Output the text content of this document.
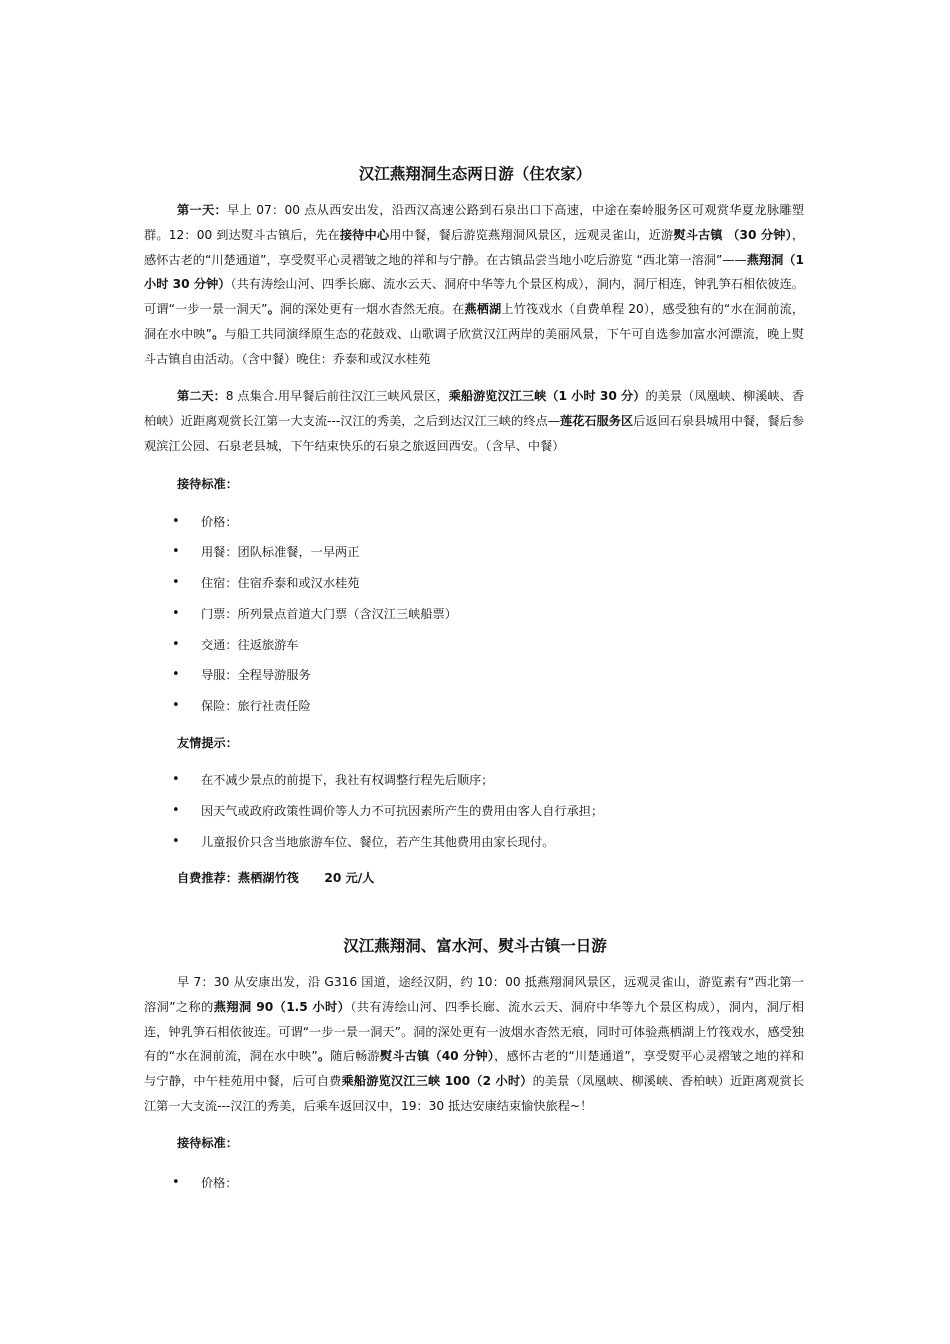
汉江燕翔洞生态两日游（住农家）

第一天：早上 07：00 点从西安出发，沿西汉高速公路到石泉出口下高速，中途在秦岭服务区可观赏华夏龙脉雕塑群。12：00 到达熨斗古镇后，先在接待中心用中餐，餐后游览燕翔洞风景区，远观灵雀山，近游熨斗古镇 （30 分钟），感怀古老的“川楚通道”，享受熨平心灵褶皱之地的祥和与宁静。在古镇品尝当地小吃后游览 “西北第一溶洞”——燕翔洞（1 小时 30 分钟）（共有涛绘山河、四季长廊、流水云天、洞府中华等九个景区构成），洞内，洞厅相连，钟乳笋石相依彼连。可谓“一步一景一洞天”。洞的深处更有一烟水杳然无痕。在燕栖湖上竹筏戏水（自费单程 20），感受独有的“水在洞前流，洞在水中映”。与船工共同演绎原生态的花鼓戏、山歌调子欣赏汉江两岸的美丽风景，下午可自选参加富水河漂流，晚上熨斗古镇自由活动。（含中餐）晚住：乔泰和或汉水桂苑

第二天：8 点集合.用早餐后前往汉江三峡风景区，乘船游览汉江三峡（1 小时 30 分）的美景（凤凰峡、柳溪峡、香柏峡）近距离观赏长江第一大支流---汉江的秀美，之后到达汉江三峡的终点—莲花石服务区后返回石泉县城用中餐，餐后参观滨江公园、石泉老县城，下午结束快乐的石泉之旅返回西安。（含早、中餐）

接待标准：

• 价格：
• 用餐：团队标准餐，一早两正
• 住宿：住宿乔泰和或汉水桂苑
• 门票：所列景点首道大门票（含汉江三峡船票）
• 交通：往返旅游车
• 导服：全程导游服务
• 保险：旅行社责任险

友情提示：

• 在不减少景点的前提下，我社有权调整行程先后顺序；
• 因天气或政府政策性调价等人力不可抗因素所产生的费用由客人自行承担；
• 儿童报价只含当地旅游车位、餐位，若产生其他费用由家长现付。

自费推荐：燕栖湖竹筏      20 元/人

汉江燕翔洞、富水河、熨斗古镇一日游

早 7：30 从安康出发，沿 G316 国道，途经汉阴，约 10：00 抵燕翔洞风景区，远观灵雀山，游览素有“西北第一溶洞”之称的燕翔洞 90（1.5 小时）（共有涛绘山河、四季长廊、流水云天、洞府中华等九个景区构成），洞内，洞厅相连，钟乳笋石相依彼连。可谓“一步一景一洞天”。洞的深处更有一波烟水杳然无痕，同时可体验燕栖湖上竹筏戏水，感受独有的“水在洞前流，洞在水中映”。随后畅游熨斗古镇（40 分钟），感怀古老的“川楚通道”，享受熨平心灵褶皱之地的祥和与宁静，中午桂苑用中餐，后可自费乘船游览汉江三峡 100（2 小时）的美景（凤凰峡、柳溪峡、香柏峡）近距离观赏长江第一大支流---汉江的秀美，后乘车返回汉中，19：30 抵达安康结束愉快旅程~！

接待标准：

• 价格：
